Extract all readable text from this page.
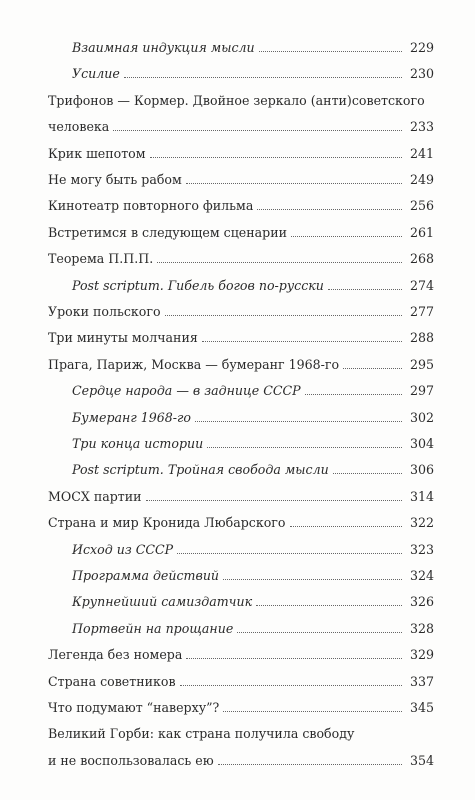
Взаимная индукция мысли	229
Усилие	230
Трифонов — Кормер. Двойное зеркало (анти)советского
человека	233
Крик шепотом	241
Не могу быть рабом	249
Кинотеатр повторного фильма	256
Встретимся в следующем сценарии	261
Теорема П.П.П.	268
Post scriptum. Гибель богов по-русски	274
Уроки польского	277
Три минуты молчания	288
Прага, Париж, Москва — бумеранг 1968-го	295
Сердце народа — в заднице СССР	297
Бумеранг 1968-го	302
Три конца истории	304
Post scriptum. Тройная свобода мысли	306
МОСХ партии	314
Страна и мир Кронида Любарского	322
Исход из СССР	323
Программа действий	324
Крупнейший самиздатчик	326
Портвейн на прощание	328
Легенда без номера	329
Страна советников	337
Что подумают “наверху”?	345
Великий Горби: как страна получила свободу
и не воспользовалась ею	354
